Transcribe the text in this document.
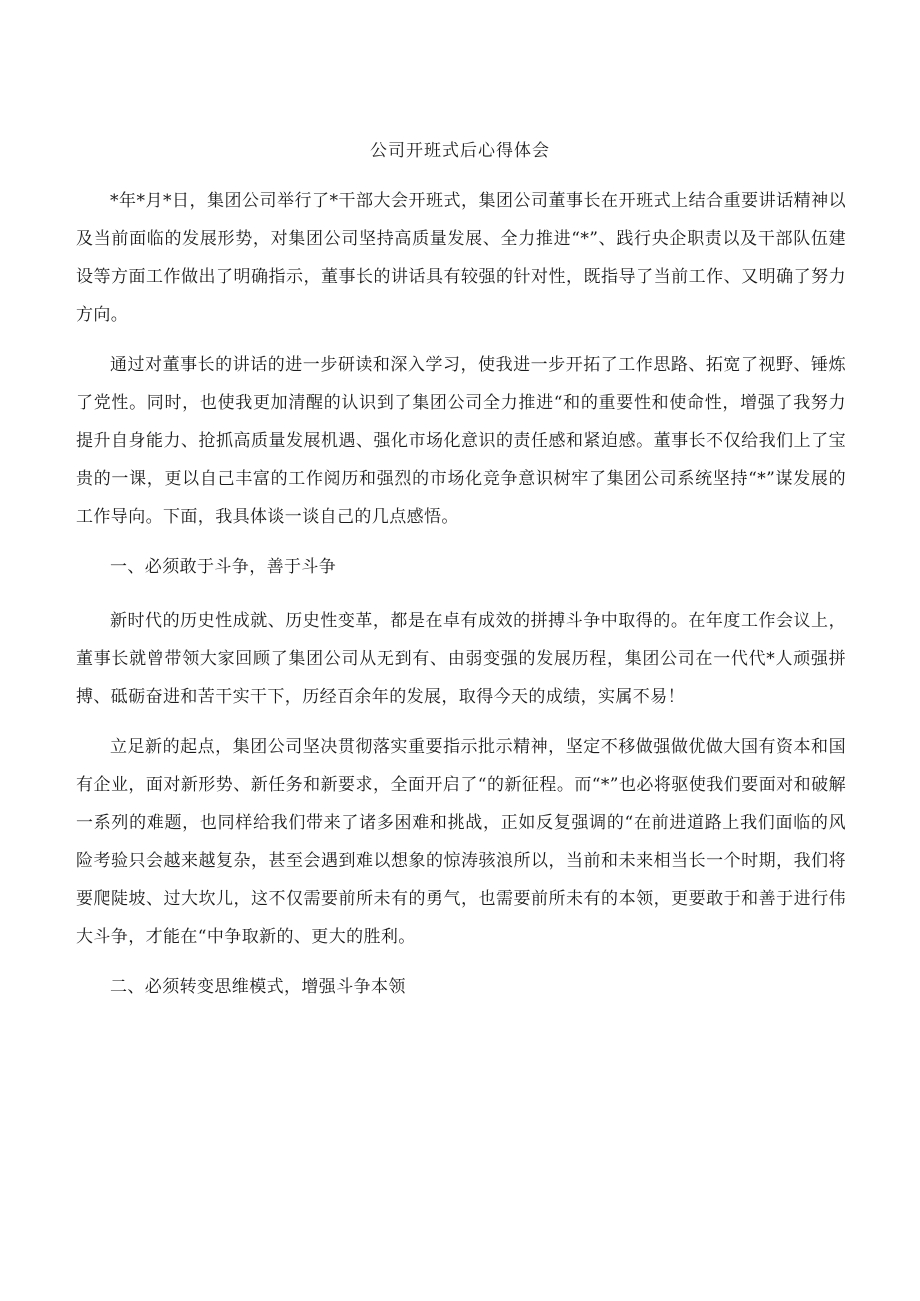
公司开班式后心得体会

*年*月*日，集团公司举行了*干部大会开班式，集团公司董事长在开班式上结合重要讲话精神以及当前面临的发展形势，对集团公司坚持高质量发展、全力推进“*”、践行央企职责以及干部队伍建设等方面工作做出了明确指示，董事长的讲话具有较强的针对性，既指导了当前工作、又明确了努力方向。

通过对董事长的讲话的进一步研读和深入学习，使我进一步开拓了工作思路、拓宽了视野、锤炼了党性。同时，也使我更加清醒的认识到了集团公司全力推进“和的重要性和使命性，增强了我努力提升自身能力、抢抓高质量发展机遇、强化市场化意识的责任感和紧迫感。董事长不仅给我们上了宝贵的一课，更以自己丰富的工作阅历和强烈的市场化竞争意识树牢了集团公司系统坚持“*”谋发展的工作导向。下面，我具体谈一谈自己的几点感悟。

一、必须敢于斗争，善于斗争

新时代的历史性成就、历史性变革，都是在卓有成效的拼搏斗争中取得的。在年度工作会议上，董事长就曾带领大家回顾了集团公司从无到有、由弱变强的发展历程，集团公司在一代代*人顽强拼搏、砥砺奋进和苦干实干下，历经百余年的发展，取得今天的成绩，实属不易！

立足新的起点，集团公司坚决贯彻落实重要指示批示精神，坚定不移做强做优做大国有资本和国有企业，面对新形势、新任务和新要求，全面开启了“的新征程。而“*”也必将驱使我们要面对和破解一系列的难题，也同样给我们带来了诸多困难和挑战，正如反复强调的“在前进道路上我们面临的风险考验只会越来越复杂，甚至会遇到难以想象的惊涛骇浪所以，当前和未来相当长一个时期，我们将要爬陡坡、过大坎儿，这不仅需要前所未有的勇气，也需要前所未有的本领，更要敢于和善于进行伟大斗争，才能在“中争取新的、更大的胜利。

二、必须转变思维模式，增强斗争本领
